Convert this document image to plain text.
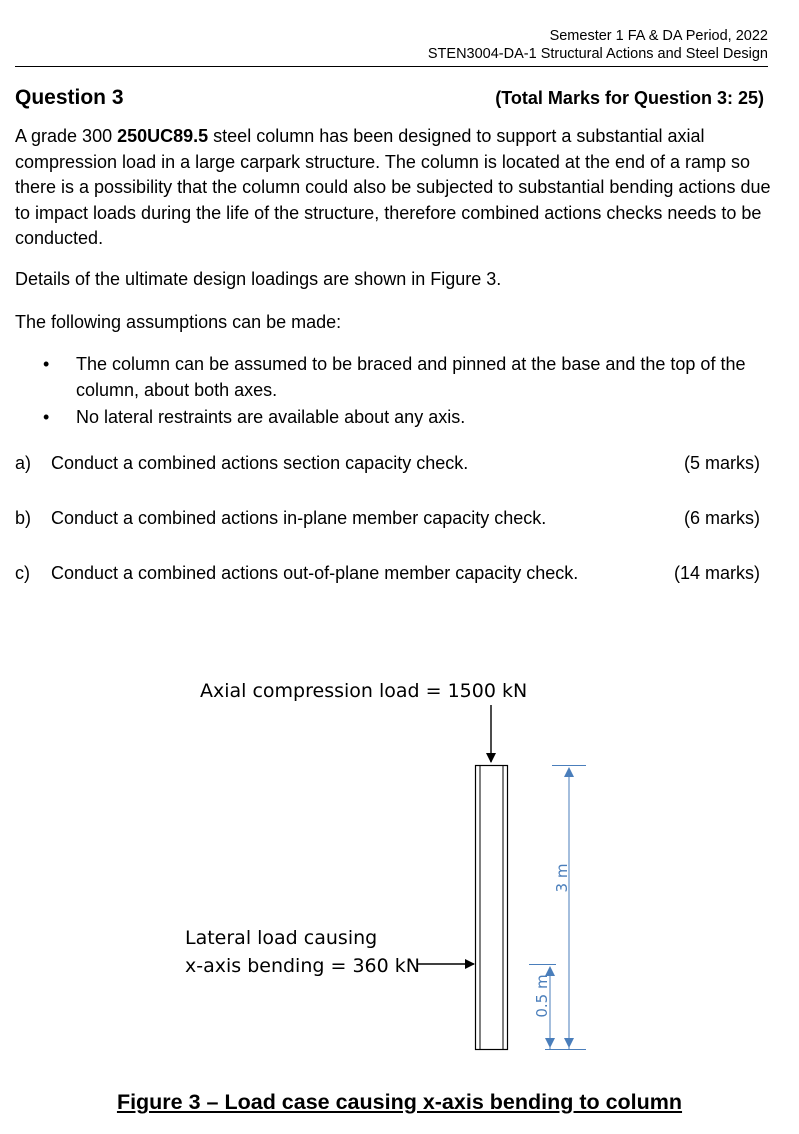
Semester 1 FA & DA Period, 2022
STEN3004-DA-1 Structural Actions and Steel Design
Question 3	(Total Marks for Question 3: 25)

A grade 300 250UC89.5 steel column has been designed to support a substantial axial compression load in a large carpark structure. The column is located at the end of a ramp so there is a possibility that the column could also be subjected to substantial bending actions due to impact loads during the life of the structure, therefore combined actions checks needs to be conducted.

Details of the ultimate design loadings are shown in Figure 3.

The following assumptions can be made:

• The column can be assumed to be braced and pinned at the base and the top of the column, about both axes.
• No lateral restraints are available about any axis.
a) Conduct a combined actions section capacity check.	(5 marks)
b) Conduct a combined actions in-plane member capacity check.	(6 marks)
c) Conduct a combined actions out-of-plane member capacity check.	(14 marks)
3 m
0.5 m
Axial compression load = 1500 kN
Lateral load causing
x-axis bending = 360 kN
Figure 3 – Load case causing x-axis bending to column
